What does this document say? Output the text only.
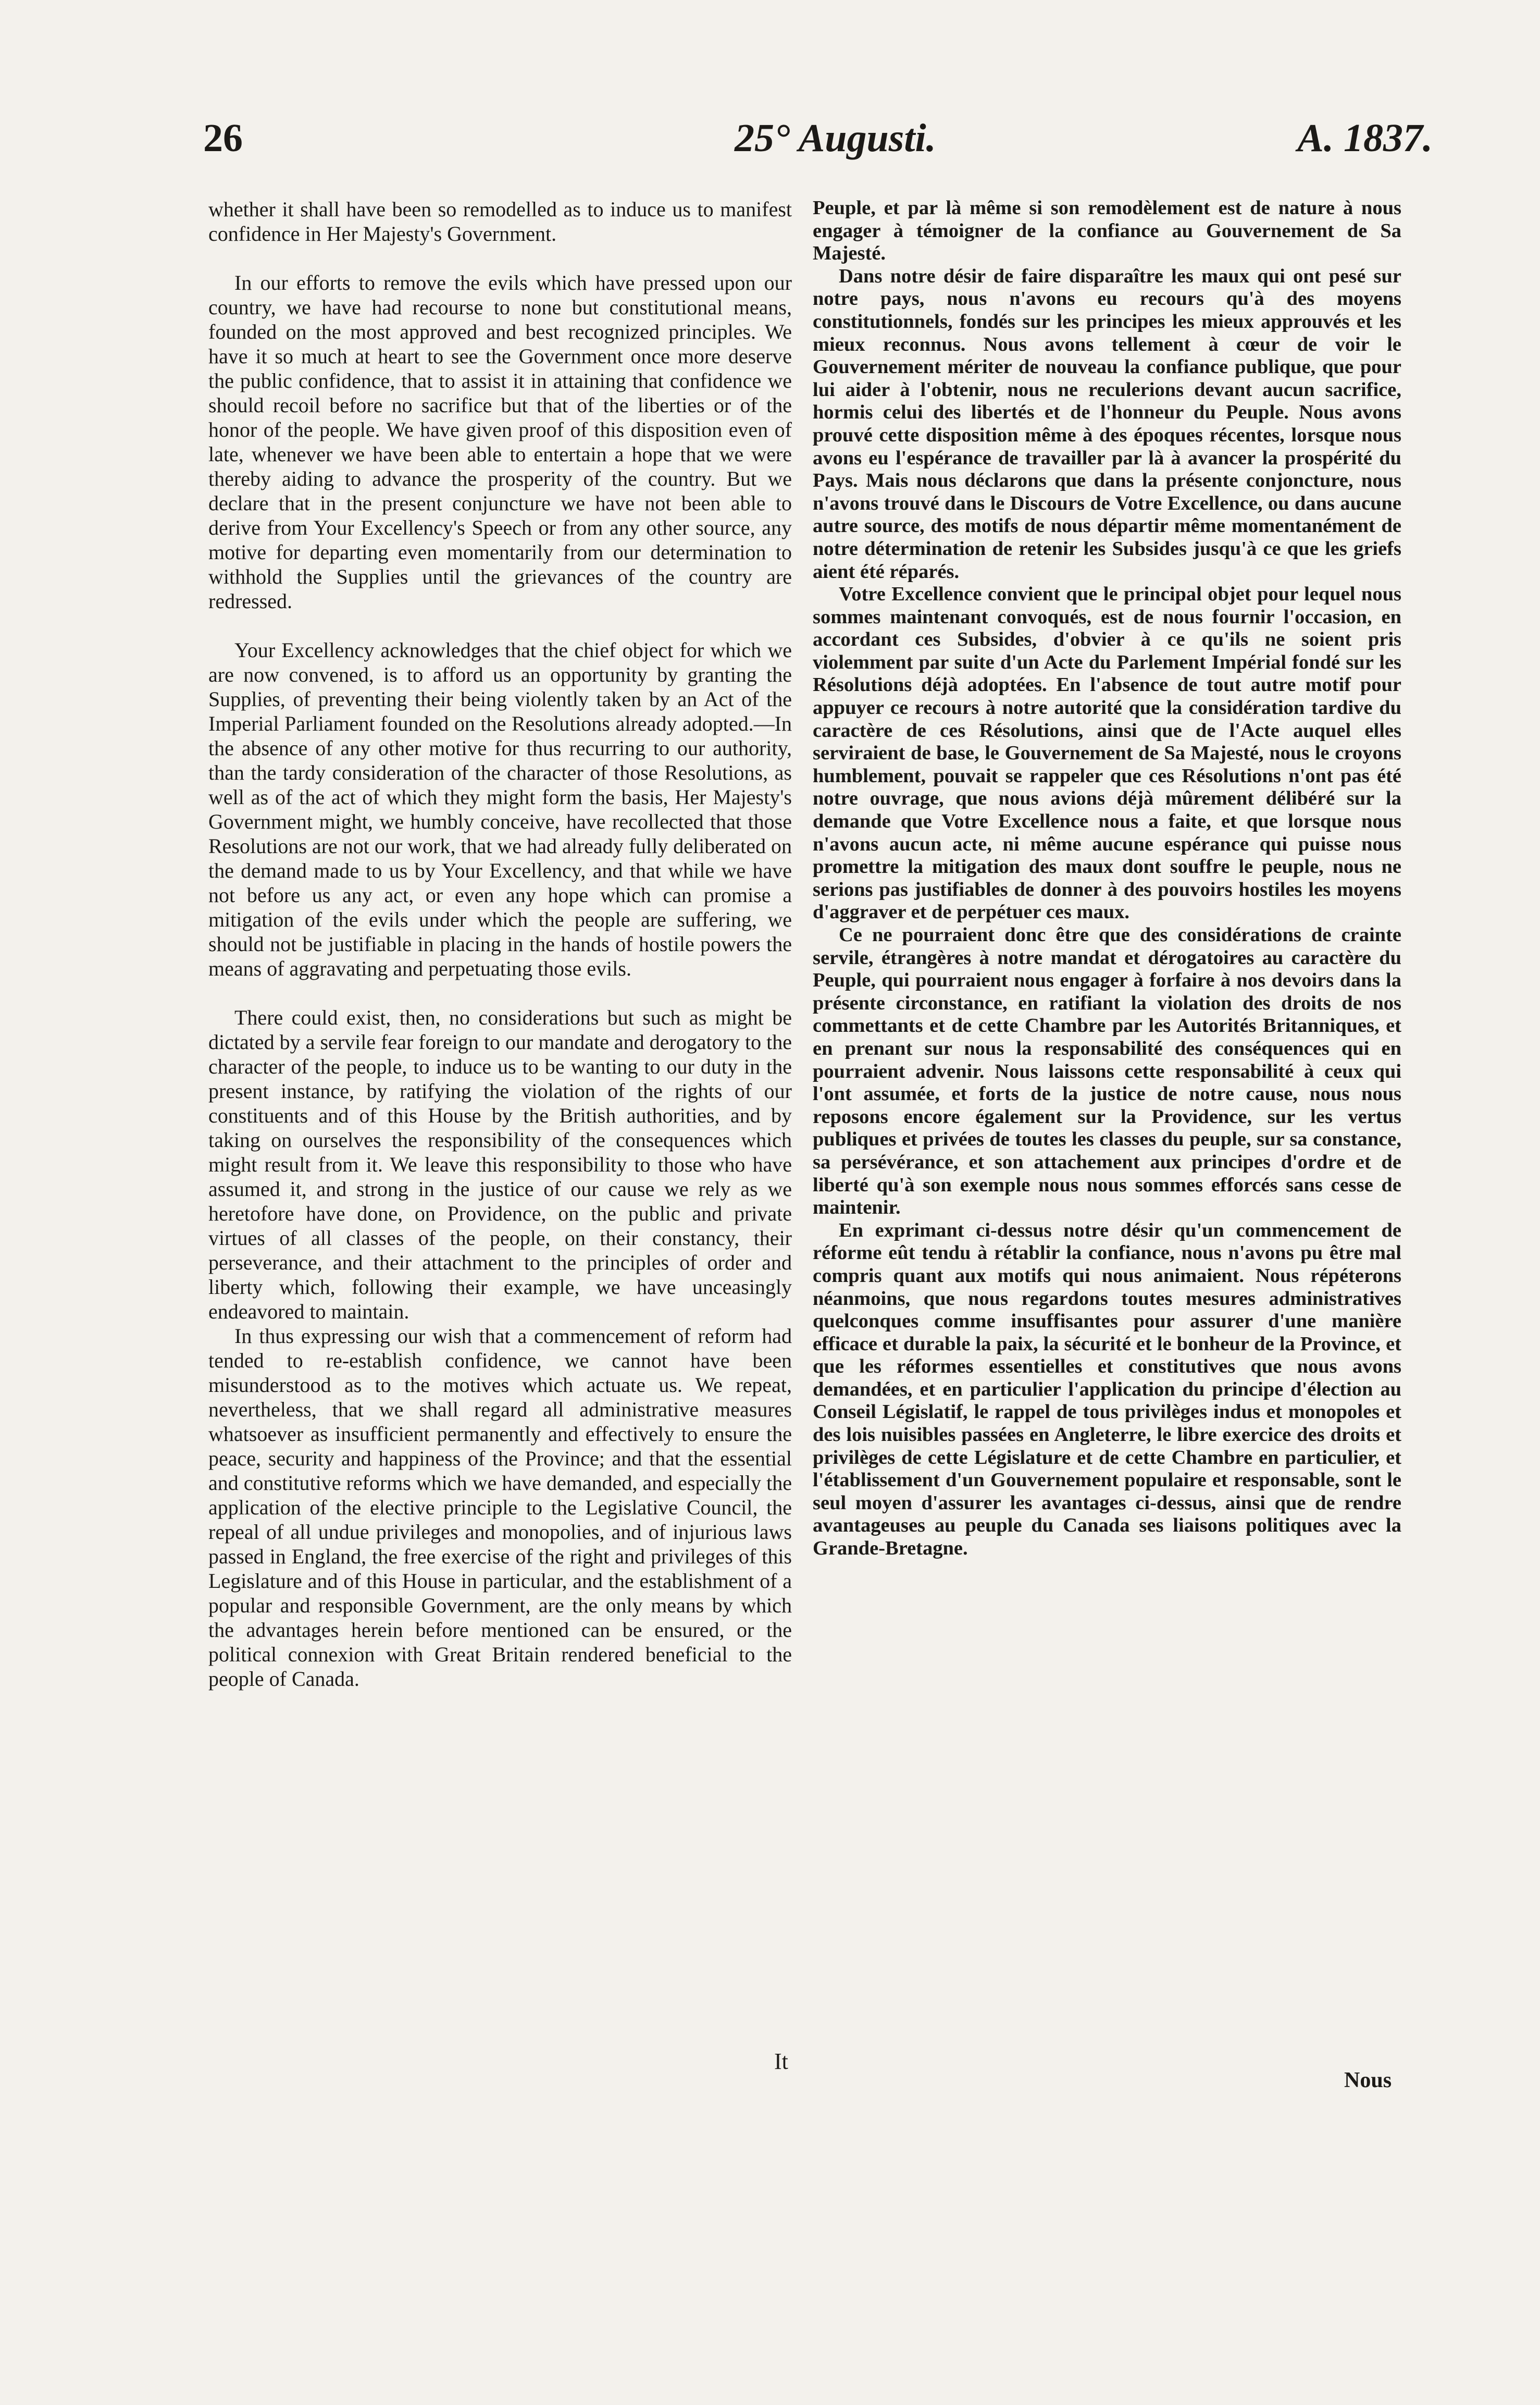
26	25° Augusti.	A. 1837.

whether it shall have been so remodelled as to induce us to manifest confidence in Her Majesty's Government.

In our efforts to remove the evils which have pressed upon our country, we have had recourse to none but constitutional means, founded on the most approved and best recognized principles. We have it so much at heart to see the Government once more deserve the public confidence, that to assist it in attaining that confidence we should recoil before no sacrifice but that of the liberties or of the honor of the people. We have given proof of this disposition even of late, whenever we have been able to entertain a hope that we were thereby aiding to advance the prosperity of the country. But we declare that in the present conjuncture we have not been able to derive from Your Excellency's Speech or from any other source, any motive for departing even momentarily from our determination to withhold the Supplies until the grievances of the country are redressed.

Your Excellency acknowledges that the chief object for which we are now convened, is to afford us an opportunity by granting the Supplies, of preventing their being violently taken by an Act of the Imperial Parliament founded on the Resolutions already adopted.—In the absence of any other motive for thus recurring to our authority, than the tardy consideration of the character of those Resolutions, as well as of the act of which they might form the basis, Her Majesty's Government might, we humbly conceive, have recollected that those Resolutions are not our work, that we had already fully deliberated on the demand made to us by Your Excellency, and that while we have not before us any act, or even any hope which can promise a mitigation of the evils under which the people are suffering, we should not be justifiable in placing in the hands of hostile powers the means of aggravating and perpetuating those evils.

There could exist, then, no considerations but such as might be dictated by a servile fear foreign to our mandate and derogatory to the character of the people, to induce us to be wanting to our duty in the present instance, by ratifying the violation of the rights of our constituents and of this House by the British authorities, and by taking on ourselves the responsibility of the consequences which might result from it. We leave this responsibility to those who have assumed it, and strong in the justice of our cause we rely as we heretofore have done, on Providence, on the public and private virtues of all classes of the people, on their constancy, their perseverance, and their attachment to the principles of order and liberty which, following their example, we have unceasingly endeavored to maintain.

In thus expressing our wish that a commencement of reform had tended to re-establish confidence, we cannot have been misunderstood as to the motives which actuate us. We repeat, nevertheless, that we shall regard all administrative measures whatsoever as insufficient permanently and effectively to ensure the peace, security and happiness of the Province; and that the essential and constitutive reforms which we have demanded, and especially the application of the elective principle to the Legislative Council, the repeal of all undue privileges and monopolies, and of injurious laws passed in England, the free exercise of the right and privileges of this Legislature and of this House in particular, and the establishment of a popular and responsible Government, are the only means by which the advantages herein before mentioned can be ensured, or the political connexion with Great Britain rendered beneficial to the people of Canada.

Peuple, et par là même si son remodèlement est de nature à nous engager à témoigner de la confiance au Gouvernement de Sa Majesté.

Dans notre désir de faire disparaître les maux qui ont pesé sur notre pays, nous n'avons eu recours qu'à des moyens constitutionnels, fondés sur les principes les mieux approuvés et les mieux reconnus. Nous avons tellement à cœur de voir le Gouvernement mériter de nouveau la confiance publique, que pour lui aider à l'obtenir, nous ne reculerions devant aucun sacrifice, hormis celui des libertés et de l'honneur du Peuple. Nous avons prouvé cette disposition même à des époques récentes, lorsque nous avons eu l'espérance de travailler par là à avancer la prospérité du Pays. Mais nous déclarons que dans la présente conjoncture, nous n'avons trouvé dans le Discours de Votre Excellence, ou dans aucune autre source, des motifs de nous départir même momentanément de notre détermination de retenir les Subsides jusqu'à ce que les griefs aient été réparés.

Votre Excellence convient que le principal objet pour lequel nous sommes maintenant convoqués, est de nous fournir l'occasion, en accordant ces Subsides, d'obvier à ce qu'ils ne soient pris violemment par suite d'un Acte du Parlement Impérial fondé sur les Résolutions déjà adoptées. En l'absence de tout autre motif pour appuyer ce recours à notre autorité que la considération tardive du caractère de ces Résolutions, ainsi que de l'Acte auquel elles serviraient de base, le Gouvernement de Sa Majesté, nous le croyons humblement, pouvait se rappeler que ces Résolutions n'ont pas été notre ouvrage, que nous avions déjà mûrement délibéré sur la demande que Votre Excellence nous a faite, et que lorsque nous n'avons aucun acte, ni même aucune espérance qui puisse nous promettre la mitigation des maux dont souffre le peuple, nous ne serions pas justifiables de donner à des pouvoirs hostiles les moyens d'aggraver et de perpétuer ces maux.

Ce ne pourraient donc être que des considérations de crainte servile, étrangères à notre mandat et dérogatoires au caractère du Peuple, qui pourraient nous engager à forfaire à nos devoirs dans la présente circonstance, en ratifiant la violation des droits de nos commettants et de cette Chambre par les Autorités Britanniques, et en prenant sur nous la responsabilité des conséquences qui en pourraient advenir. Nous laissons cette responsabilité à ceux qui l'ont assumée, et forts de la justice de notre cause, nous nous reposons encore également sur la Providence, sur les vertus publiques et privées de toutes les classes du peuple, sur sa constance, sa persévérance, et son attachement aux principes d'ordre et de liberté qu'à son exemple nous nous sommes efforcés sans cesse de maintenir.

En exprimant ci-dessus notre désir qu'un commencement de réforme eût tendu à rétablir la confiance, nous n'avons pu être mal compris quant aux motifs qui nous animaient. Nous répéterons néanmoins, que nous regardons toutes mesures administratives quelconques comme insuffisantes pour assurer d'une manière efficace et durable la paix, la sécurité et le bonheur de la Province, et que les réformes essentielles et constitutives que nous avons demandées, et en particulier l'application du principe d'élection au Conseil Législatif, le rappel de tous privilèges indus et monopoles et des lois nuisibles passées en Angleterre, le libre exercice des droits et privilèges de cette Législature et de cette Chambre en particulier, et l'établissement d'un Gouvernement populaire et responsable, sont le seul moyen d'assurer les avantages ci-dessus, ainsi que de rendre avantageuses au peuple du Canada ses liaisons politiques avec la Grande-Bretagne.

It
Nous
